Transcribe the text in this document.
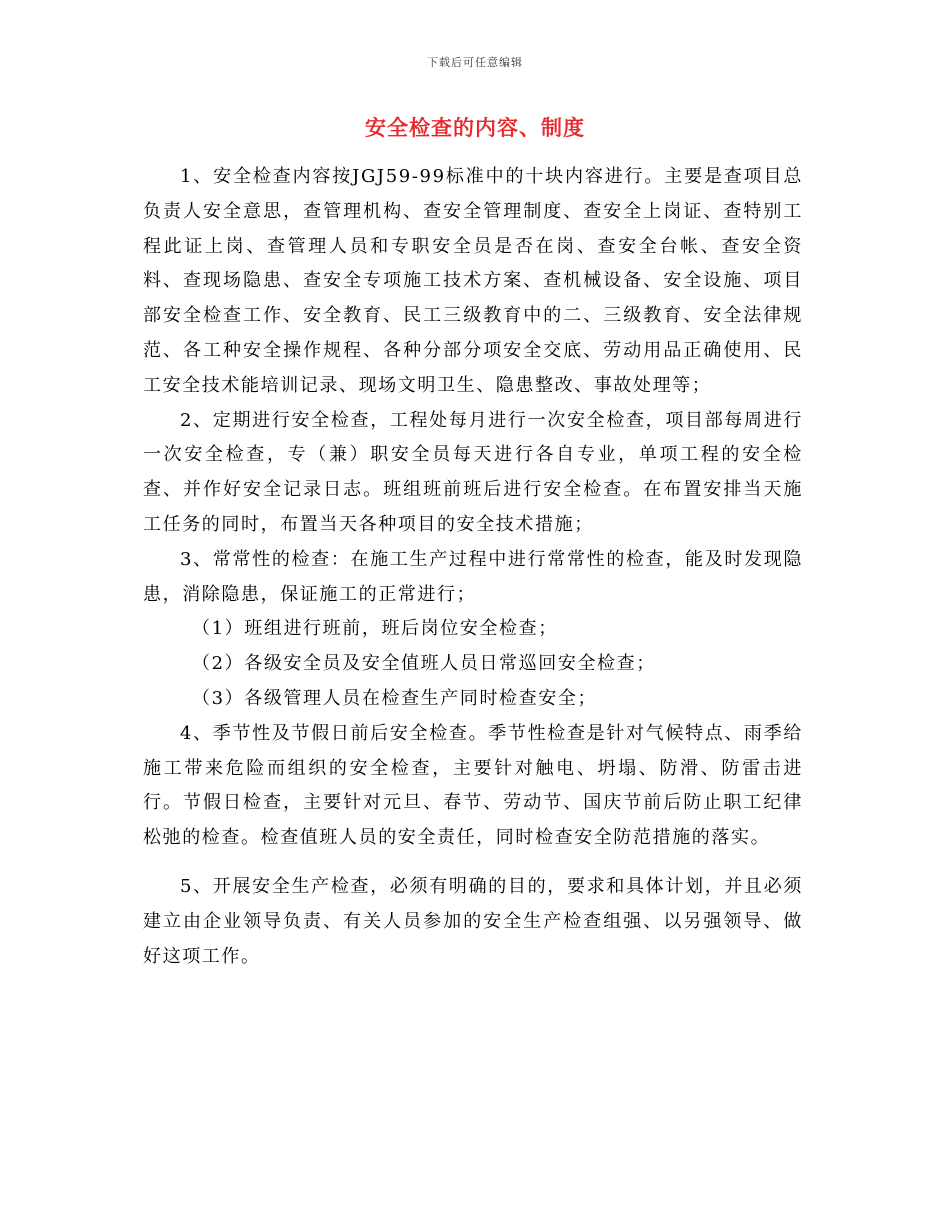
下载后可任意编辑
安全检查的内容、制度

1、安全检查内容按JGJ59-99标准中的十块内容进行。主要是查项目总负责人安全意思，查管理机构、查安全管理制度、查安全上岗证、查特别工程此证上岗、查管理人员和专职安全员是否在岗、查安全台帐、查安全资料、查现场隐患、查安全专项施工技术方案、查机械设备、安全设施、项目部安全检查工作、安全教育、民工三级教育中的二、三级教育、安全法律规范、各工种安全操作规程、各种分部分项安全交底、劳动用品正确使用、民工安全技术能培训记录、现场文明卫生、隐患整改、事故处理等；

2、定期进行安全检查，工程处每月进行一次安全检查，项目部每周进行一次安全检查，专（兼）职安全员每天进行各自专业，单项工程的安全检查、并作好安全记录日志。班组班前班后进行安全检查。在布置安排当天施工任务的同时，布置当天各种项目的安全技术措施；

3、常常性的检查：在施工生产过程中进行常常性的检查，能及时发现隐患，消除隐患，保证施工的正常进行；

（1）班组进行班前，班后岗位安全检查；

（2）各级安全员及安全值班人员日常巡回安全检查；

（3）各级管理人员在检查生产同时检查安全；

4、季节性及节假日前后安全检查。季节性检查是针对气候特点、雨季给施工带来危险而组织的安全检查，主要针对触电、坍塌、防滑、防雷击进行。节假日检查，主要针对元旦、春节、劳动节、国庆节前后防止职工纪律松弛的检查。检查值班人员的安全责任，同时检查安全防范措施的落实。

5、开展安全生产检查，必须有明确的目的，要求和具体计划，并且必须建立由企业领导负责、有关人员参加的安全生产检查组强、以另强领导、做好这项工作。
